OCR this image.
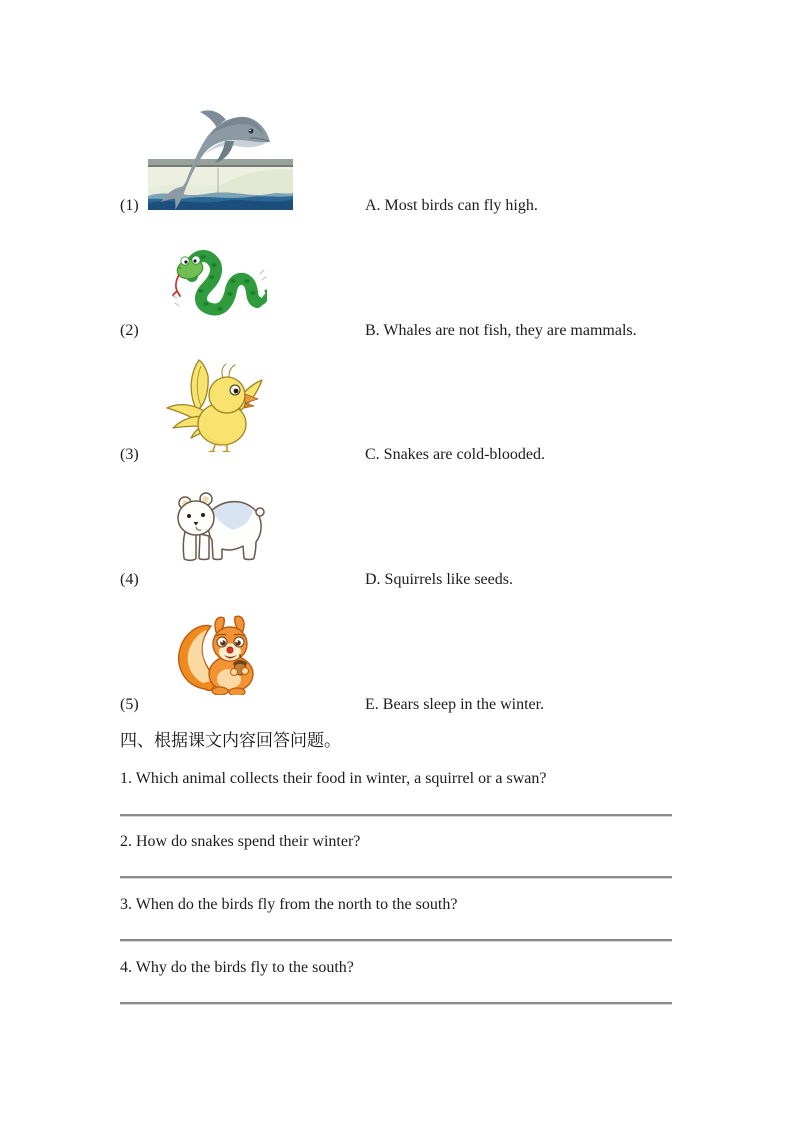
(1)	A. Most birds can fly high.
(2)	B. Whales are not fish, they are mammals.
(3)	C. Snakes are cold-blooded.
(4)	D. Squirrels like seeds.
(5)	E. Bears sleep in the winter.
四、根据课文内容回答问题。
1. Which animal collects their food in winter, a squirrel or a swan?
2. How do snakes spend their winter?
3. When do the birds fly from the north to the south?
4. Why do the birds fly to the south?
